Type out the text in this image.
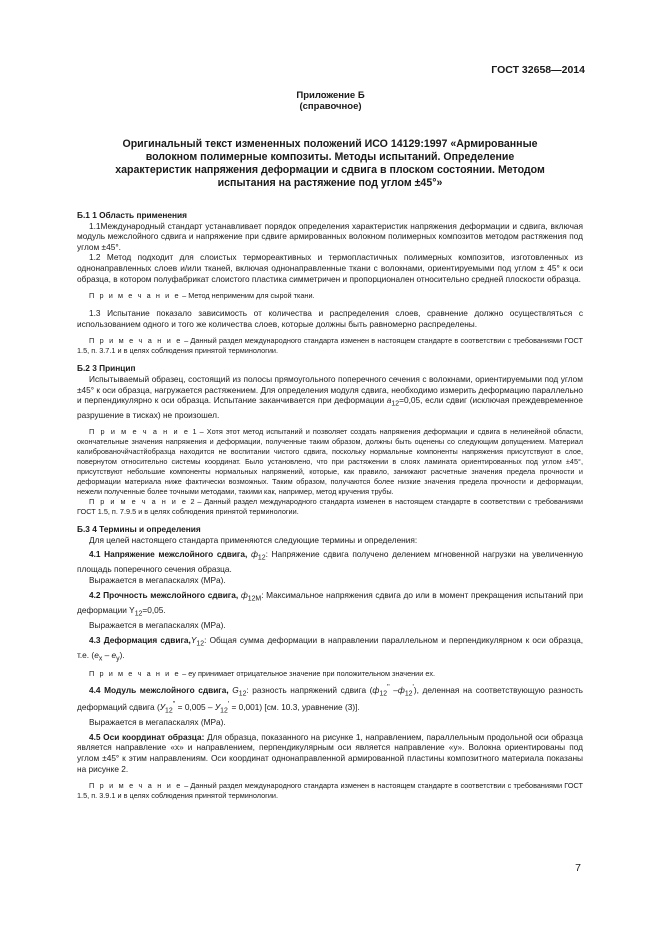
ГОСТ 32658—2014
Приложение Б
(справочное)
Оригинальный текст измененных положений ИСО 14129:1997 «Армированные волокном полимерные композиты. Методы испытаний. Определение характеристик напряжения деформации и сдвига в плоском состоянии. Методом испытания на растяжение под углом ±45°»

Б.1 1 Область применения

1.1Международный стандарт устанавливает порядок определения характеристик напряжения деформации и сдвига, включая модуль межслойного сдвига и напряжение при сдвиге армированных волокном полимерных композитов методом растяжения под углом ±45°.

1.2 Метод подходит для слоистых термореактивных и термопластичных полимерных композитов, изготовленных из однонаправленных слоев и/или тканей, включая однонаправленные ткани с волокнами, ориентируемыми под углом ± 45° к оси образца, в котором полуфабрикат слоистого пластика симметричен и пропорционален относительно средней плоскости образца.

П р и м е ч а н и е – Метод неприменим для сырой ткани.

1.3 Испытание показало зависимость от количества и распределения слоев, сравнение должно осуществляться с использованием одного и того же количества слоев, которые должны быть равномерно распределены.

П р и м е ч а н и е – Данный раздел международного стандарта изменен в настоящем стандарте в соответствии с требованиями ГОСТ 1.5, п. 3.7.1 и в целях соблюдения принятой терминологии.

Б.2 3 Принцип

Испытываемый образец, состоящий из полосы прямоугольного поперечного сечения с волокнами, ориентируемыми под углом ±45° к оси образца, нагружается растяжением. Для определения модуля сдвига, необходимо измерить деформацию параллельно и перпендикулярно к оси образца. Испытание заканчивается при деформации $a_{12}=0,05$, если сдвиг (исключая преждевременное разрушение в тисках) не произошел.

П р и м е ч а н и е 1 – Хотя этот метод испытаний и позволяет создать напряжения деформации и сдвига в нелинейной области, окончательные значения напряжения и деформации, полученные таким образом, должны быть оценены со следующим допущением. Материал калиброваночйчастйобразца находится не воспитании чистого сдвига, поскольку нормальные компоненты напряжения присутствуют в слое, повернутом относительно системы координат. Было установлено, что при растяжении в слоях ламината ориентированных под углом ±45°, присутствуют небольшие компоненты нормальных напряжений, которые, как правило, занижают расчетные значения предела прочности и деформации материала ниже фактически возможных. Таким образом, получаются более низкие значения предела прочности и деформации, нежели полученные более точными методами, такими как, например, метод кручения трубы.

П р и м е ч а н и е 2 – Данный раздел международного стандарта изменен в настоящем стандарте в соответствии с требованиями ГОСТ 1.5, п. 7.9.5 и в целях соблюдения принятой терминологии.

Б.3 4 Термины и определения

Для целей настоящего стандарта применяются следующие термины и определения:

4.1 Напряжение межслойного сдвига, $ф_{12}$: Напряжение сдвига получено делением мгновенной нагрузки на увеличенную площадь поперечного сечения образца.

Выражается в мегапаскалях (MPa).

4.2 Прочность межслойного сдвига, $ф_{12M}$: Максимальное напряжения сдвига до или в момент прекращения испытаний при деформации $Y_{12}=0,05$.

Выражается в мегапаскалях (MPa).

4.3 Деформация $сдвига,Y_{12}$: Общая сумма деформации в направлении параллельном и перпендикулярном к оси образца, т.е. $(e_x - e_y)$.

П р и м е ч а н и е – ey принимает отрицательное значение при положительном значении ex.

4.4 Модуль межслойного сдвига, $G_{12}$: разность напряжений сдвига ($ф_{12}''$ $-ф_{12}'$), деленная на соответствующую разность деформаций сдвига $(У_{12}'' = 0,005 - У_{12}' = 0,001)$ [см. 10.3, уравнение (3)].

Выражается в мегапаскалях (MPa).

4.5 Оси координат образца: Для образца, показанного на рисунке 1, направлением, параллельным продольной оси образца является направление «x» и направлением, перпендикулярным оси является направление «y». Волокна ориентированы под углом ±45° к этим направлениям. Оси координат однонаправленной армированной пластины композитного материала показаны на рисунке 2.

П р и м е ч а н и е – Данный раздел международного стандарта изменен в настоящем стандарте в соответствии с требованиями ГОСТ 1.5, п. 3.9.1 и в целях соблюдения принятой терминологии.

7
